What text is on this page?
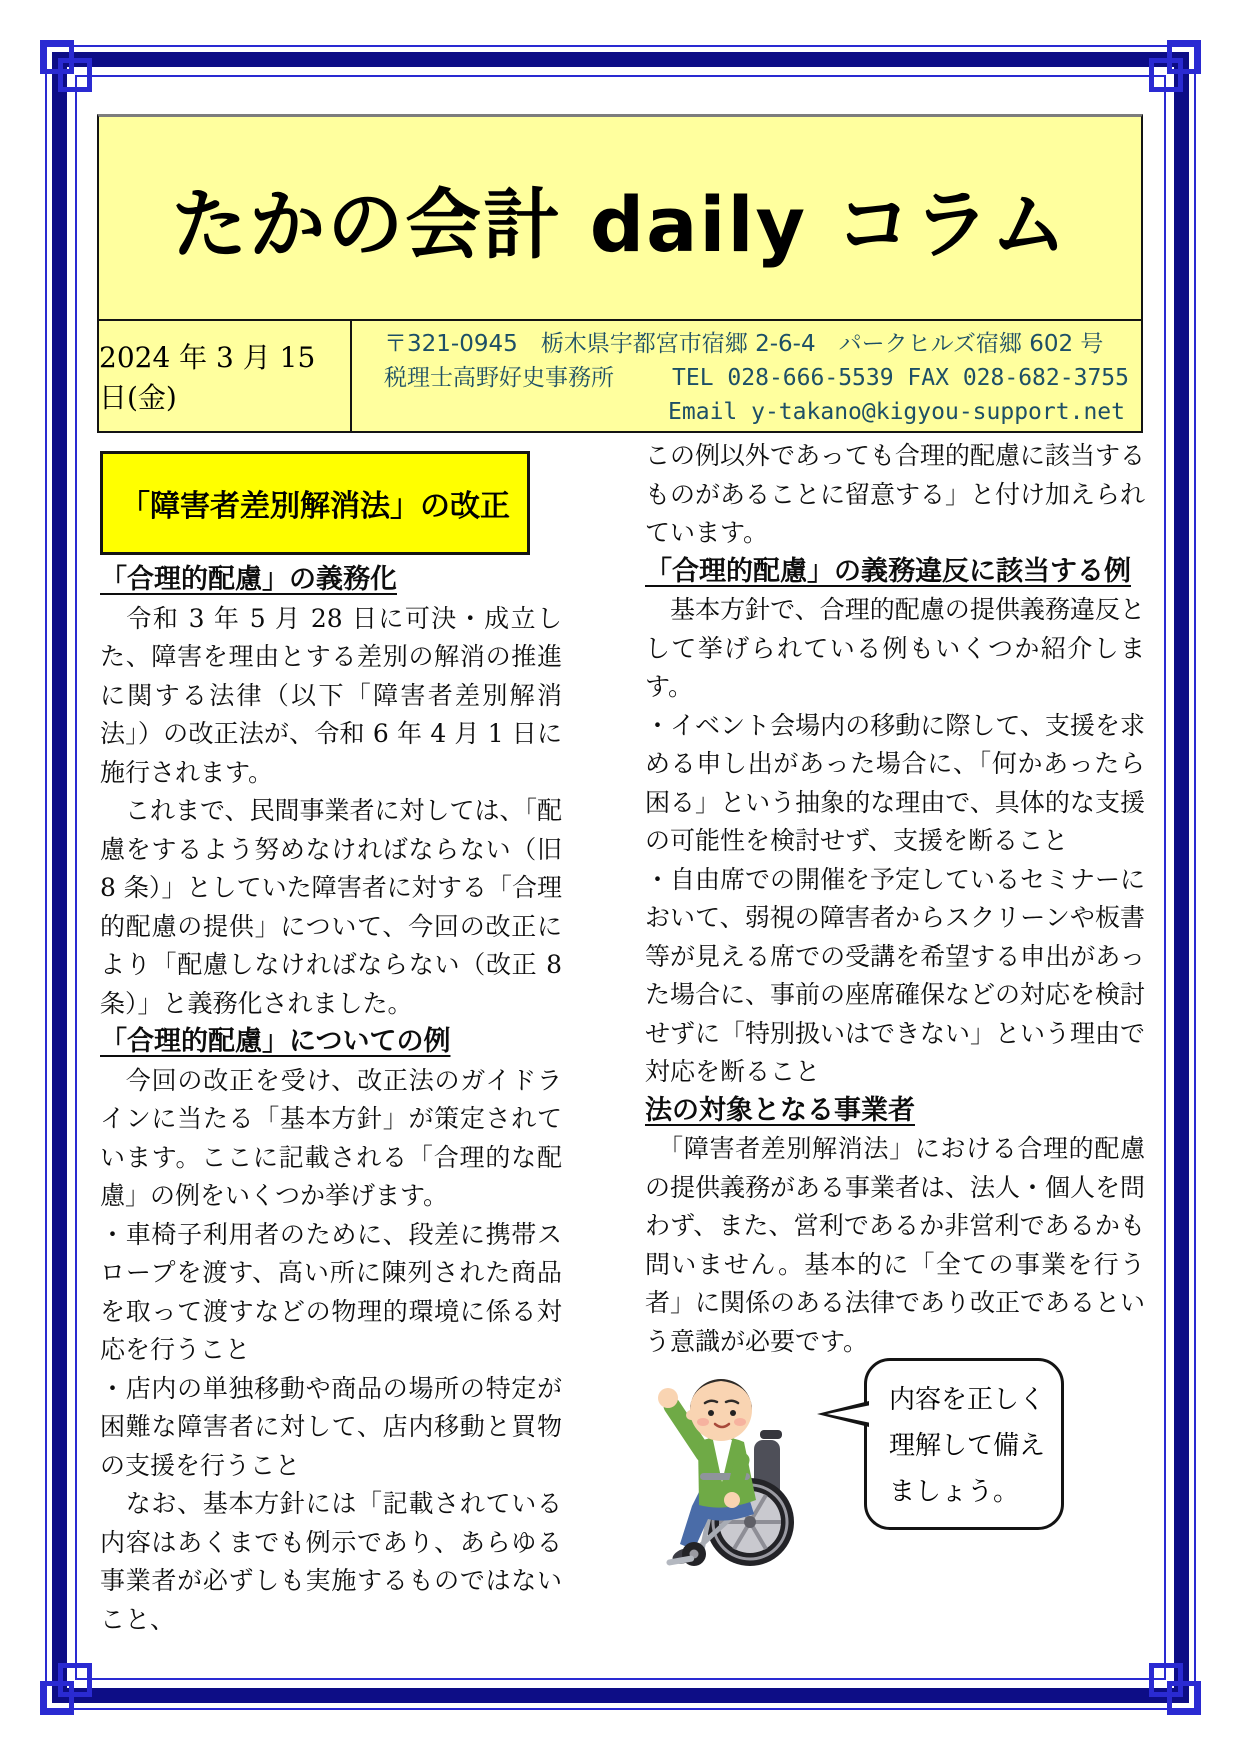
たかの会計 daily コラム
2024 年 3 月 15 日(金)
〒321-0945　栃木県宇都宮市宿郷 2-6-4　パークヒルズ宿郷 602 号
税理士高野好史事務所	TEL 028-666-5539 FAX 028-682-3755
Email y-takano@kigyou-support.net
「障害者差別解消法」の改正
「合理的配慮」の義務化
　令和 3 年 5 月 28 日に可決・成立した、障害を理由とする差別の解消の推進に関する法律（以下「障害者差別解消法」）の改正法が、令和 6 年 4 月 1 日に施行されます。
　これまで、民間事業者に対しては、「配慮をするよう努めなければならない（旧 8 条）」としていた障害者に対する「合理的配慮の提供」について、今回の改正により「配慮しなければならない（改正 8 条）」と義務化されました。
「合理的配慮」についての例
　今回の改正を受け、改正法のガイドラインに当たる「基本方針」が策定されています。ここに記載される「合理的な配慮」の例をいくつか挙げます。
・車椅子利用者のために、段差に携帯スロープを渡す、高い所に陳列された商品を取って渡すなどの物理的環境に係る対応を行うこと
・店内の単独移動や商品の場所の特定が困難な障害者に対して、店内移動と買物の支援を行うこと
　なお、基本方針には「記載されている内容はあくまでも例示であり、あらゆる事業者が必ずしも実施するものではないこと、
この例以外であっても合理的配慮に該当するものがあることに留意する」と付け加えられています。
「合理的配慮」の義務違反に該当する例
　基本方針で、合理的配慮の提供義務違反として挙げられている例もいくつか紹介します。
・イベント会場内の移動に際して、支援を求める申し出があった場合に、「何かあったら困る」という抽象的な理由で、具体的な支援の可能性を検討せず、支援を断ること
・自由席での開催を予定しているセミナーにおいて、弱視の障害者からスクリーンや板書等が見える席での受講を希望する申出があった場合に、事前の座席確保などの対応を検討せずに「特別扱いはできない」という理由で対応を断ること
法の対象となる事業者
　「障害者差別解消法」における合理的配慮の提供義務がある事業者は、法人・個人を問わず、また、営利であるか非営利であるかも問いません。基本的に「全ての事業を行う者」に関係のある法律であり改正であるという意識が必要です。
内容を正しく
理解して備え
ましょう。
